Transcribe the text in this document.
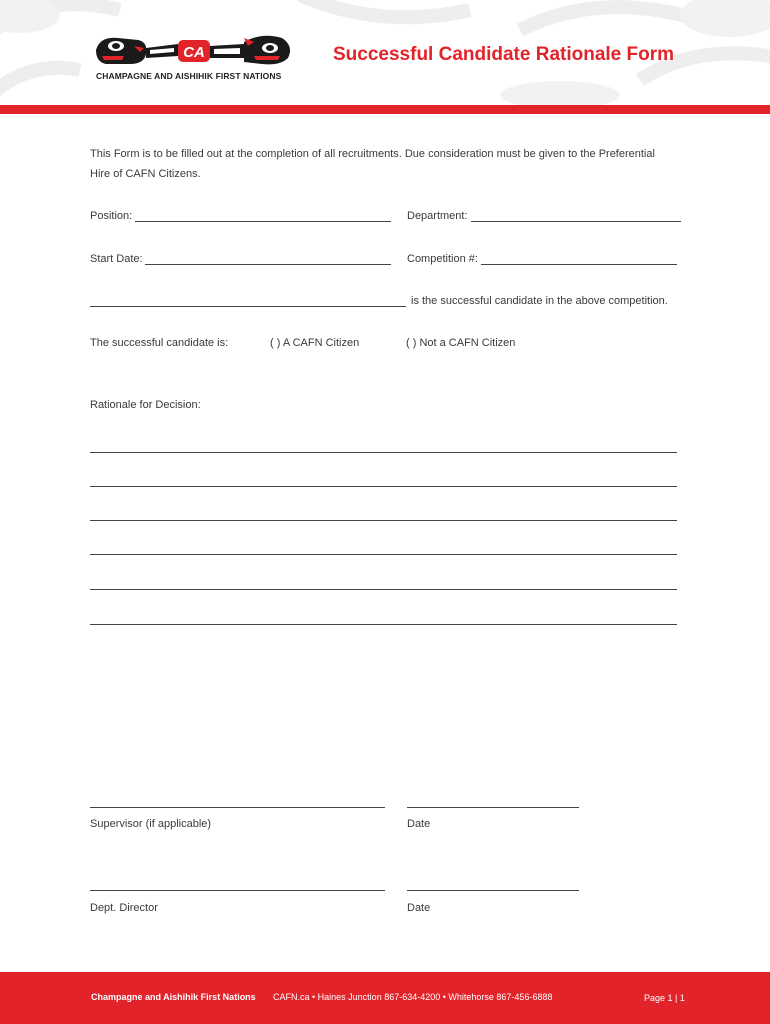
CA
CHAMPAGNE AND AISHIHIK FIRST NATIONS
Successful Candidate Rationale Form
This Form is to be filled out at the completion of all recruitments. Due consideration must be given to the Preferential
Hire of CAFN Citizens.
Position:	Department:
Start Date:	Competition #:
is the successful candidate in the above competition.
The successful candidate is:	( ) A CAFN Citizen	( ) Not a CAFN Citizen
Rationale for Decision:
Supervisor (if applicable)	Date
Dept. Director	Date
Champagne and Aishihik First Nations CAFN.ca • Haines Junction 867-634-4200 • Whitehorse 867-456-6888	Page 1 | 1
